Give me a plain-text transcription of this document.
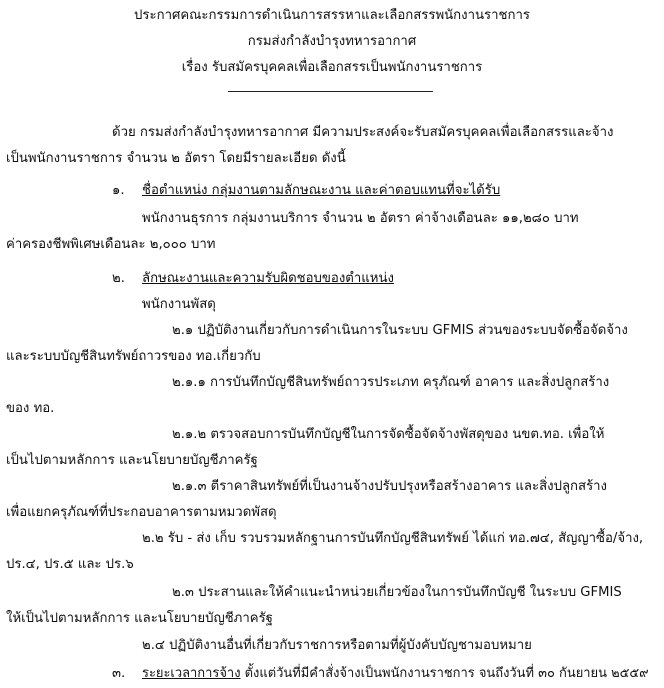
ประกาศคณะกรรมการดำเนินการสรรหาและเลือกสรรพนักงานราชการ
กรมส่งกำลังบำรุงทหารอากาศ
เรื่อง รับสมัครบุคคลเพื่อเลือกสรรเป็นพนักงานราชการ
ด้วย กรมส่งกำลังบำรุงทหารอากาศ มีความประสงค์จะรับสมัครบุคคลเพื่อเลือกสรรและจ้าง
เป็นพนักงานราชการ จำนวน ๒ อัตรา โดยมีรายละเอียด ดังนี้
๑. ชื่อตำแหน่ง กลุ่มงานตามลักษณะงาน และค่าตอบแทนที่จะได้รับ
พนักงานธุรการ กลุ่มงานบริการ จำนวน ๒ อัตรา ค่าจ้างเดือนละ ๑๑,๒๘๐ บาท
ค่าครองชีพพิเศษเดือนละ ๒,๐๐๐ บาท
๒. ลักษณะงานและความรับผิดชอบของตำแหน่ง
พนักงานพัสดุ
๒.๑ ปฏิบัติงานเกี่ยวกับการดำเนินการในระบบ GFMIS ส่วนของระบบจัดซื้อจัดจ้าง
และระบบบัญชีสินทรัพย์ถาวรของ ทอ.เกี่ยวกับ
๒.๑.๑ การบันทึกบัญชีสินทรัพย์ถาวรประเภท ครุภัณฑ์ อาคาร และสิ่งปลูกสร้าง
ของ ทอ.
๒.๑.๒ ตรวจสอบการบันทึกบัญชีในการจัดซื้อจัดจ้างพัสดุของ นขต.ทอ. เพื่อให้
เป็นไปตามหลักการ และนโยบายบัญชีภาครัฐ
๒.๑.๓ ตีราคาสินทรัพย์ที่เป็นงานจ้างปรับปรุงหรือสร้างอาคาร และสิ่งปลูกสร้าง
เพื่อแยกครุภัณฑ์ที่ประกอบอาคารตามหมวดพัสดุ
๒.๒ รับ - ส่ง เก็บ รวบรวมหลักฐานการบันทึกบัญชีสินทรัพย์ ได้แก่ ทอ.๗๔, สัญญาซื้อ/จ้าง,
ปร.๔, ปร.๕ และ ปร.๖
๒.๓ ประสานและให้คำแนะนำหน่วยเกี่ยวข้องในการบันทึกบัญชี ในระบบ GFMIS
ให้เป็นไปตามหลักการ และนโยบายบัญชีภาครัฐ
๒.๔ ปฏิบัติงานอื่นที่เกี่ยวกับราชการหรือตามที่ผู้บังคับบัญชามอบหมาย
๓. ระยะเวลาการจ้าง ตั้งแต่วันที่มีคำสั่งจ้างเป็นพนักงานราชการ จนถึงวันที่ ๓๐ กันยายน ๒๕๕๙
